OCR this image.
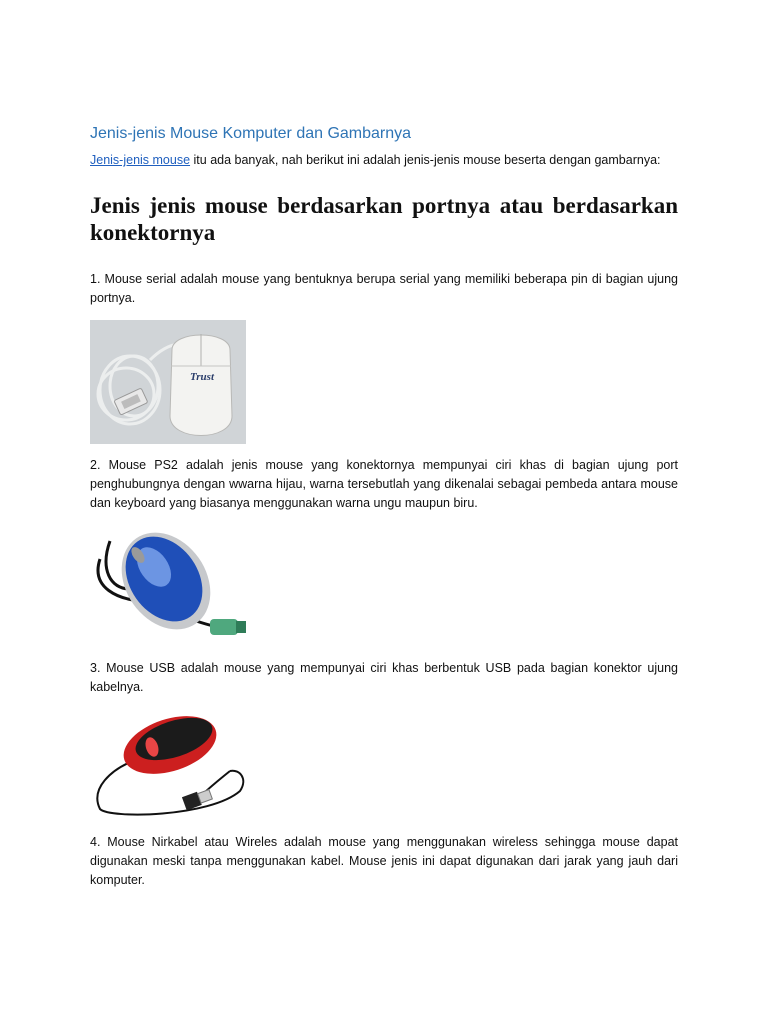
Jenis-jenis Mouse Komputer dan Gambarnya

Jenis-jenis mouse itu ada banyak, nah berikut ini adalah jenis-jenis mouse beserta dengan gambarnya:

Jenis jenis mouse berdasarkan portnya atau berdasarkan konektornya

1. Mouse serial adalah mouse yang bentuknya berupa serial yang memiliki beberapa pin di bagian ujung portnya.

Trust

2. Mouse PS2 adalah jenis mouse yang konektornya mempunyai ciri khas di bagian ujung port penghubungnya dengan wwarna hijau, warna tersebutlah yang dikenalai sebagai pembeda antara mouse dan keyboard yang biasanya menggunakan warna ungu maupun biru.

3. Mouse USB adalah mouse yang mempunyai ciri khas berbentuk USB pada bagian konektor ujung kabelnya.

4. Mouse Nirkabel atau Wireles adalah mouse yang menggunakan wireless sehingga mouse dapat digunakan meski tanpa menggunakan kabel. Mouse jenis ini dapat digunakan dari jarak yang jauh dari komputer.
